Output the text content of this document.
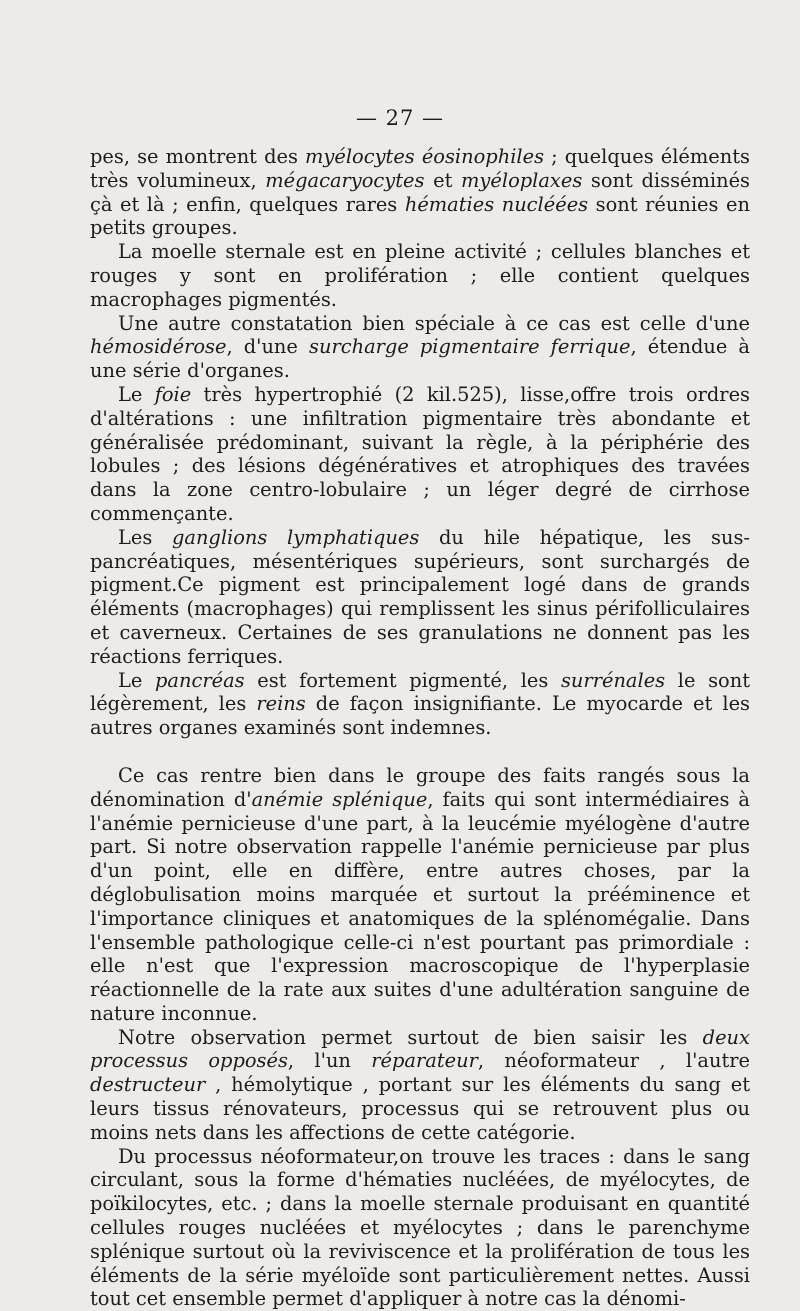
— 27 —

pes, se montrent des myélocytes éosinophiles ; quelques éléments très volumineux, mégacaryocytes et myéloplaxes sont disséminés çà et là ; enfin, quelques rares hématies nucléées sont réunies en petits groupes.

La moelle sternale est en pleine activité ; cellules blanches et rouges y sont en prolifération ; elle contient quelques macrophages pigmentés.

Une autre constatation bien spéciale à ce cas est celle d'une hémosidérose, d'une surcharge pigmentaire ferrique, étendue à une série d'organes.

Le foie très hypertrophié (2 kil.525), lisse,offre trois ordres d'altérations : une infiltration pigmentaire très abondante et généralisée prédominant, suivant la règle, à la périphérie des lobules ; des lésions dégénératives et atrophiques des travées dans la zone centro-lobulaire ; un léger degré de cirrhose commençante.

Les ganglions lymphatiques du hile hépatique, les sus-pancréatiques, mésentériques supérieurs, sont surchargés de pigment.Ce pigment est principalement logé dans de grands éléments (macrophages) qui remplissent les sinus périfolliculaires et caverneux. Certaines de ses granulations ne donnent pas les réactions ferriques.

Le pancréas est fortement pigmenté, les surrénales le sont légèrement, les reins de façon insignifiante. Le myocarde et les autres organes examinés sont indemnes.

Ce cas rentre bien dans le groupe des faits rangés sous la dénomination d'anémie splénique, faits qui sont intermédiaires à l'anémie pernicieuse d'une part, à la leucémie myélogène d'autre part. Si notre observation rappelle l'anémie pernicieuse par plus d'un point, elle en diffère, entre autres choses, par la déglobulisation moins marquée et surtout la prééminence et l'importance cliniques et anatomiques de la splénomégalie. Dans l'ensemble pathologique celle-ci n'est pourtant pas primordiale : elle n'est que l'expression macroscopique de l'hyperplasie réactionnelle de la rate aux suites d'une adultération sanguine de nature inconnue.

Notre observation permet surtout de bien saisir les deux processus opposés, l'un réparateur, néoformateur , l'autre destructeur , hémolytique , portant sur les éléments du sang et leurs tissus rénovateurs, processus qui se retrouvent plus ou moins nets dans les affections de cette catégorie.

Du processus néoformateur,on trouve les traces : dans le sang circulant, sous la forme d'hématies nucléées, de myélocytes, de poïkilocytes, etc. ; dans la moelle sternale produisant en quantité cellules rouges nucléées et myélocytes ; dans le parenchyme splénique surtout où la reviviscence et la prolifération de tous les éléments de la série myéloïde sont particulièrement nettes. Aussi tout cet ensemble permet d'appliquer à notre cas la dénomi-
